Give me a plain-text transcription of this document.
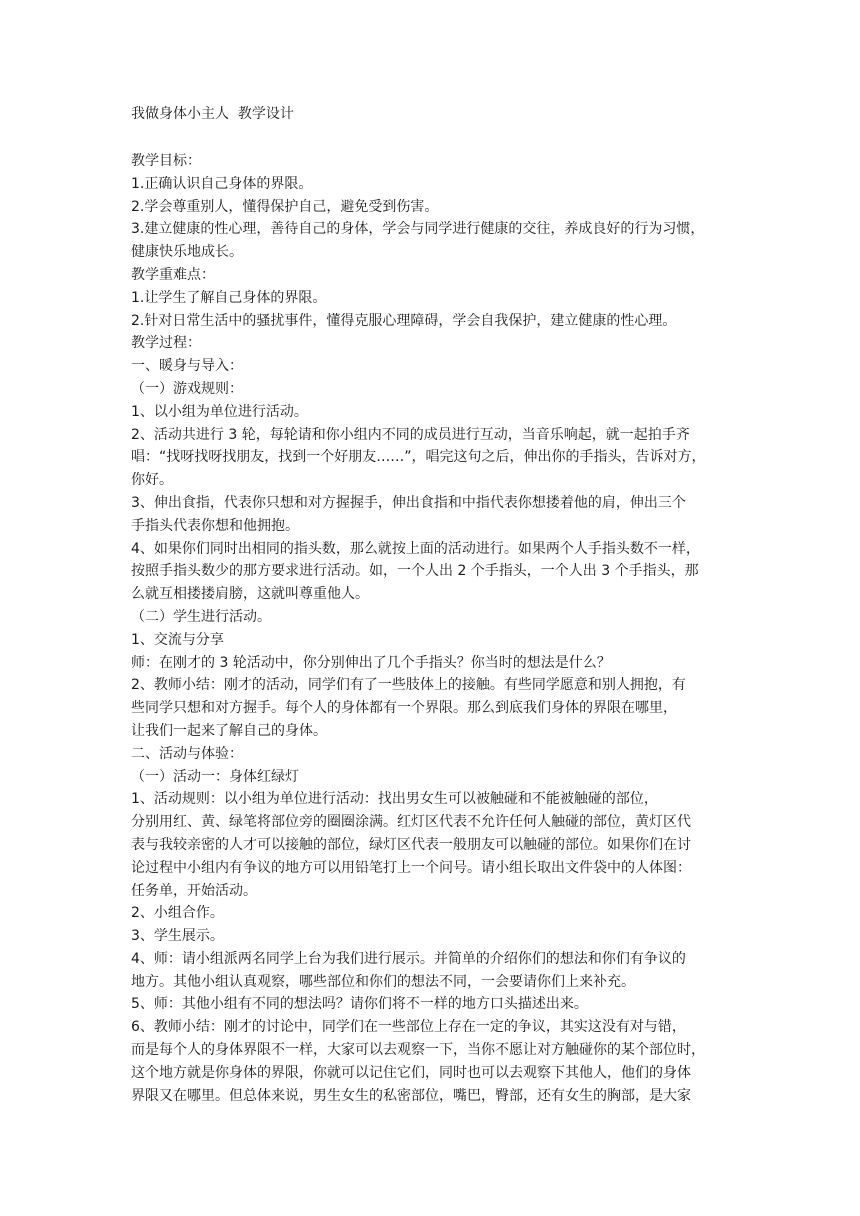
我做身体小主人  教学设计
教学目标：
1.正确认识自己身体的界限。
2.学会尊重别人，懂得保护自己，避免受到伤害。
3.建立健康的性心理，善待自己的身体，学会与同学进行健康的交往，养成良好的行为习惯，
健康快乐地成长。
教学重难点：
1.让学生了解自己身体的界限。
2.针对日常生活中的骚扰事件，懂得克服心理障碍，学会自我保护，建立健康的性心理。
教学过程：
一、暖身与导入：
（一）游戏规则：
1、以小组为单位进行活动。
2、活动共进行 3 轮，每轮请和你小组内不同的成员进行互动，当音乐响起，就一起拍手齐
唱：“找呀找呀找朋友，找到一个好朋友……”，唱完这句之后，伸出你的手指头，告诉对方，
你好。
3、伸出食指，代表你只想和对方握握手，伸出食指和中指代表你想搂着他的肩，伸出三个
手指头代表你想和他拥抱。
4、如果你们同时出相同的指头数，那么就按上面的活动进行。如果两个人手指头数不一样，
按照手指头数少的那方要求进行活动。如，一个人出 2 个手指头，一个人出 3 个手指头，那
么就互相搂搂肩膀，这就叫尊重他人。
（二）学生进行活动。
1、交流与分享
师：在刚才的 3 轮活动中，你分别伸出了几个手指头？你当时的想法是什么？
2、教师小结：刚才的活动，同学们有了一些肢体上的接触。有些同学愿意和别人拥抱，有
些同学只想和对方握手。每个人的身体都有一个界限。那么到底我们身体的界限在哪里，
让我们一起来了解自己的身体。
二、活动与体验：
（一）活动一：身体红绿灯
1、活动规则：以小组为单位进行活动：找出男女生可以被触碰和不能被触碰的部位，
分别用红、黄、绿笔将部位旁的圈圈涂满。红灯区代表不允许任何人触碰的部位，黄灯区代
表与我较亲密的人才可以接触的部位，绿灯区代表一般朋友可以触碰的部位。如果你们在讨
论过程中小组内有争议的地方可以用铅笔打上一个问号。请小组长取出文件袋中的人体图：
任务单，开始活动。
2、小组合作。
3、学生展示。
4、师：请小组派两名同学上台为我们进行展示。并简单的介绍你们的想法和你们有争议的
地方。其他小组认真观察，哪些部位和你们的想法不同，一会要请你们上来补充。
5、师：其他小组有不同的想法吗？请你们将不一样的地方口头描述出来。
6、教师小结：刚才的讨论中，同学们在一些部位上存在一定的争议，其实这没有对与错，
而是每个人的身体界限不一样，大家可以去观察一下，当你不愿让对方触碰你的某个部位时，
这个地方就是你身体的界限，你就可以记住它们，同时也可以去观察下其他人，他们的身体
界限又在哪里。但总体来说，男生女生的私密部位，嘴巴，臀部，还有女生的胸部，是大家
